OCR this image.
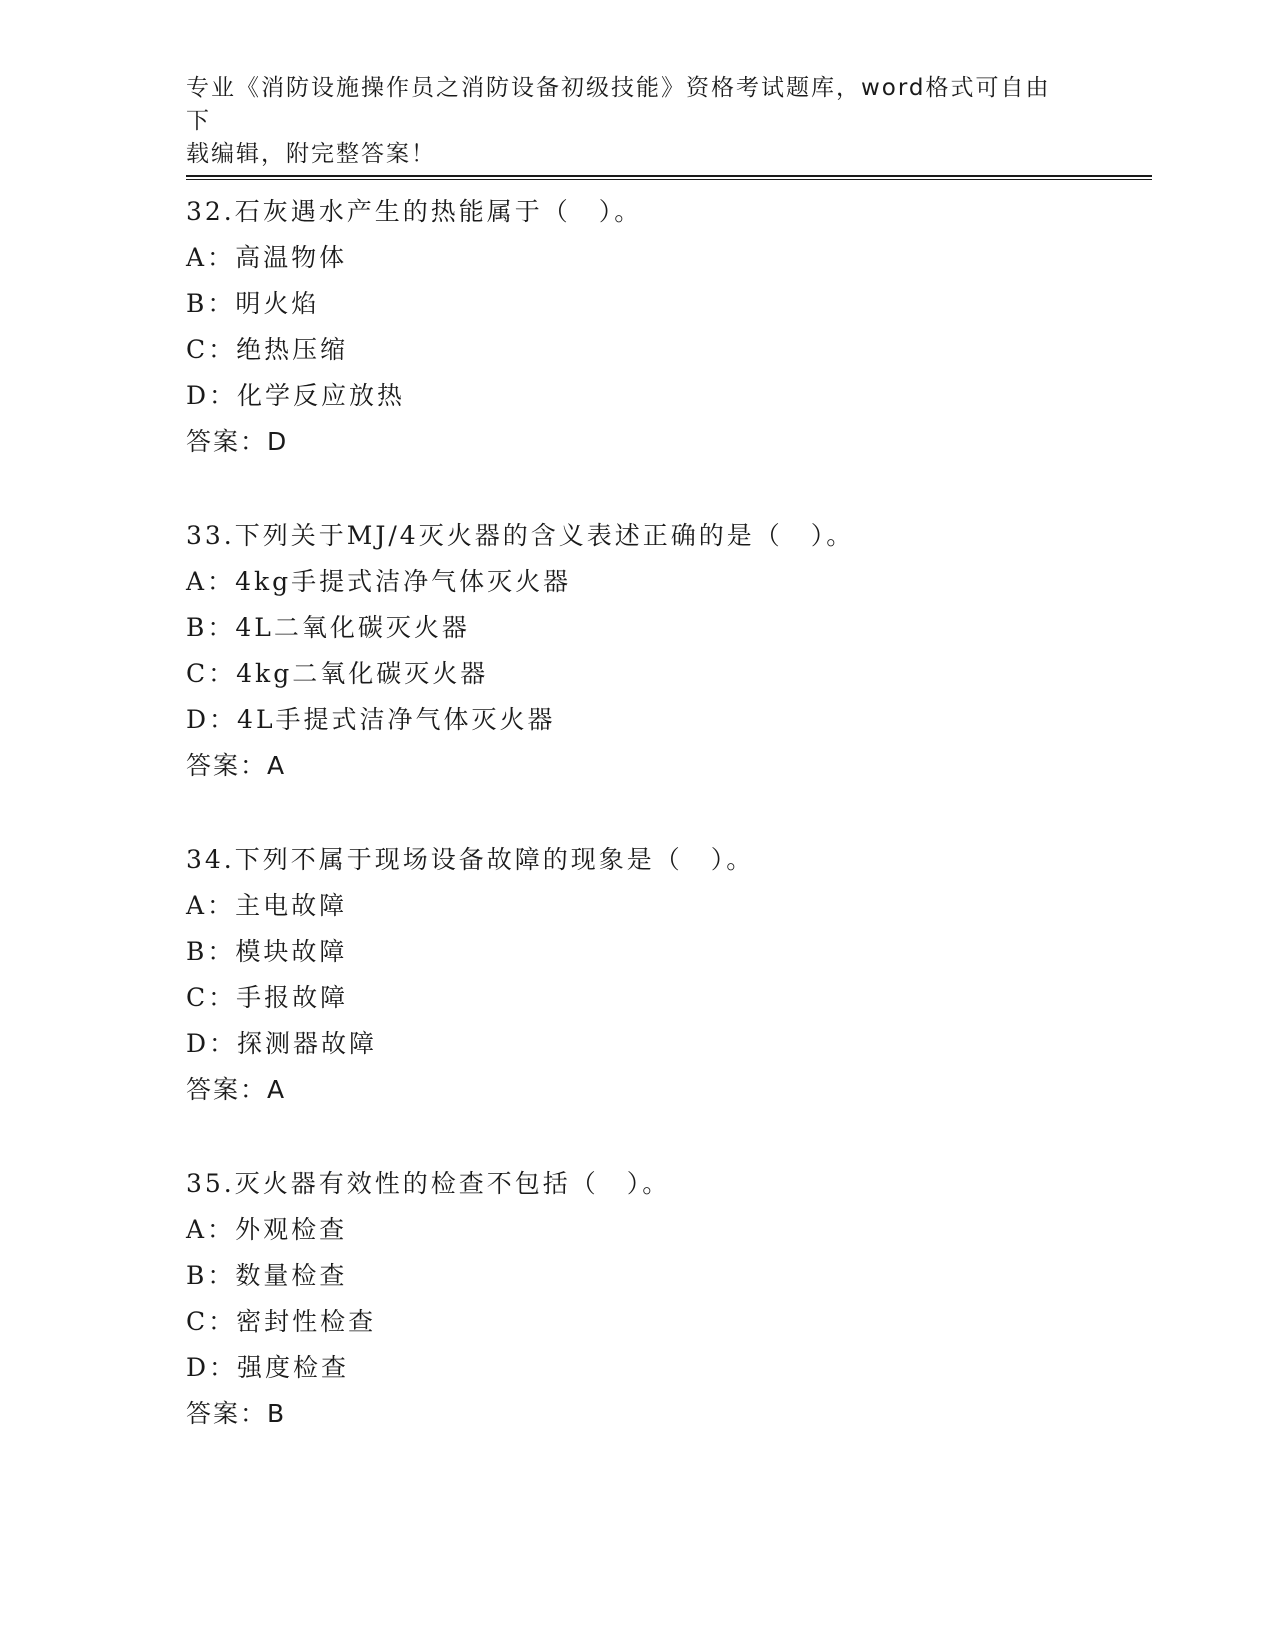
专业《消防设施操作员之消防设备初级技能》资格考试题库，word格式可自由下
载编辑，附完整答案！
32.石灰遇水产生的热能属于（　）。
A：高温物体
B：明火焰
C：绝热压缩
D：化学反应放热
答案：D
33.下列关于MJ/4灭火器的含义表述正确的是（　）。
A：4kg手提式洁净气体灭火器
B：4L二氧化碳灭火器
C：4kg二氧化碳灭火器
D：4L手提式洁净气体灭火器
答案：A
34.下列不属于现场设备故障的现象是（　）。
A：主电故障
B：模块故障
C：手报故障
D：探测器故障
答案：A
35.灭火器有效性的检查不包括（　）。
A：外观检查
B：数量检查
C：密封性检查
D：强度检查
答案：B
